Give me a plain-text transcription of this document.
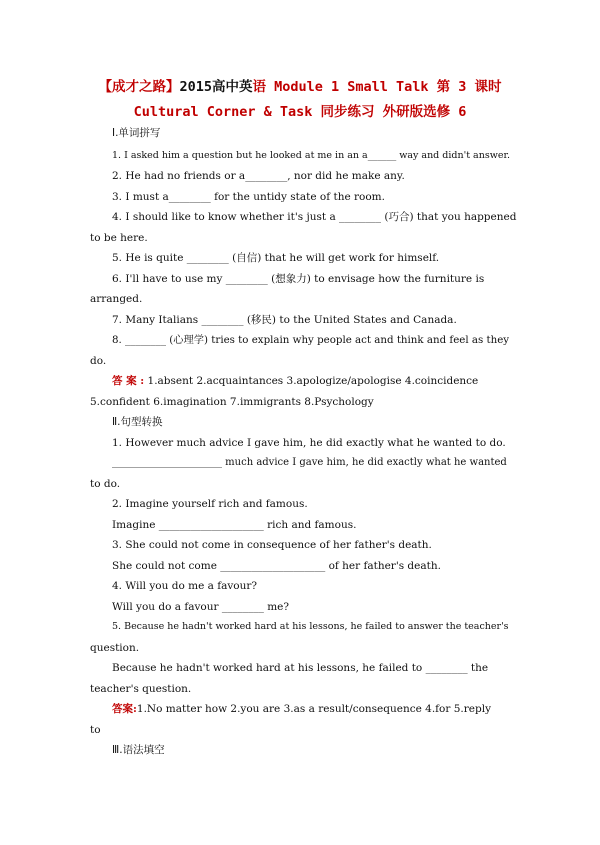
【成才之路】2015高中英语 Module 1 Small Talk 第 3 课时
Cultural Corner & Task 同步练习 外研版选修 6
Ⅰ.单词拼写
1. I asked him a question but he looked at me in an a______ way and didn't answer.
2. He had no friends or a________, nor did he make any.
3. I must a________ for the untidy state of the room.
4. I should like to know whether it's just a ________ (巧合) that you happened
to be here.
5. He is quite ________ (自信) that he will get work for himself.
6. I'll have to use my ________ (想象力) to envisage how the furniture is
arranged.
7. Many Italians ________ (移民) to the United States and Canada.
8. ________ (心理学) tries to explain why people act and think and feel as they
do.
答 案 : 1.absent 2.acquaintances 3.apologize/apologise 4.coincidence
5.confident 6.imagination 7.immigrants 8.Psychology
Ⅱ.句型转换
1. However much advice I gave him, he did exactly what he wanted to do.
______________________ much advice I gave him, he did exactly what he wanted
to do.
2. Imagine yourself rich and famous.
Imagine ____________________ rich and famous.
3. She could not come in consequence of her father's death.
She could not come ____________________ of her father's death.
4. Will you do me a favour?
Will you do a favour ________ me?
5. Because he hadn't worked hard at his lessons, he failed to answer the teacher's
question.
Because he hadn't worked hard at his lessons, he failed to ________ the
teacher's question.
答案:1.No matter how 2.you are 3.as a result/consequence 4.for 5.reply
to
Ⅲ.语法填空
